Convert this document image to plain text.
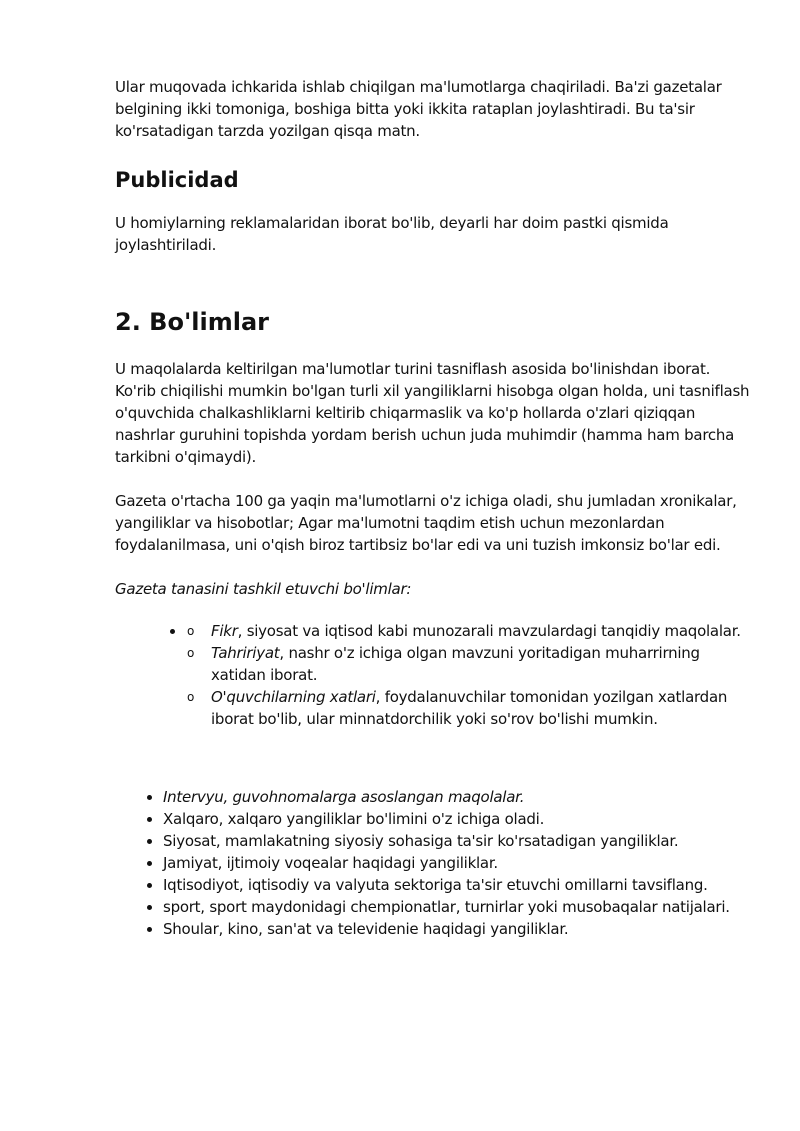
Ular muqovada ichkarida ishlab chiqilgan ma'lumotlarga chaqiriladi. Ba'zi gazetalar belgining ikki tomoniga, boshiga bitta yoki ikkita rataplan joylashtiradi. Bu ta'sir ko'rsatadigan tarzda yozilgan qisqa matn.

Publicidad

U homiylarning reklamalaridan iborat bo'lib, deyarli har doim pastki qismida joylashtiriladi.

2. Bo'limlar

U maqolalarda keltirilgan ma'lumotlar turini tasniflash asosida bo'linishdan iborat. Ko'rib chiqilishi mumkin bo'lgan turli xil yangiliklarni hisobga olgan holda, uni tasniflash o'quvchida chalkashliklarni keltirib chiqarmaslik va ko'p hollarda o'zlari qiziqqan nashrlar guruhini topishda yordam berish uchun juda muhimdir (hamma ham barcha tarkibni o'qimaydi).

Gazeta o'rtacha 100 ga yaqin ma'lumotlarni o'z ichiga oladi, shu jumladan xronikalar, yangiliklar va hisobotlar; Agar ma'lumotni taqdim etish uchun mezonlardan foydalanilmasa, uni o'qish biroz tartibsiz bo'lar edi va uni tuzish imkonsiz bo'lar edi.

Gazeta tanasini tashkil etuvchi bo'limlar:

• o Fikr, siyosat va iqtisod kabi munozarali mavzulardagi tanqidiy maqolalar.
o Tahririyat, nashr o'z ichiga olgan mavzuni yoritadigan muharrirning xatidan iborat.
o O'quvchilarning xatlari, foydalanuvchilar tomonidan yozilgan xatlardan iborat bo'lib, ular minnatdorchilik yoki so'rov bo'lishi mumkin.
• Intervyu, guvohnomalarga asoslangan maqolalar.
• Xalqaro, xalqaro yangiliklar bo'limini o'z ichiga oladi.
• Siyosat, mamlakatning siyosiy sohasiga ta'sir ko'rsatadigan yangiliklar.
• Jamiyat, ijtimoiy voqealar haqidagi yangiliklar.
• Iqtisodiyot, iqtisodiy va valyuta sektoriga ta'sir etuvchi omillarni tavsiflang.
• sport, sport maydonidagi chempionatlar, turnirlar yoki musobaqalar natijalari.
• Shoular, kino, san'at va televidenie haqidagi yangiliklar.
